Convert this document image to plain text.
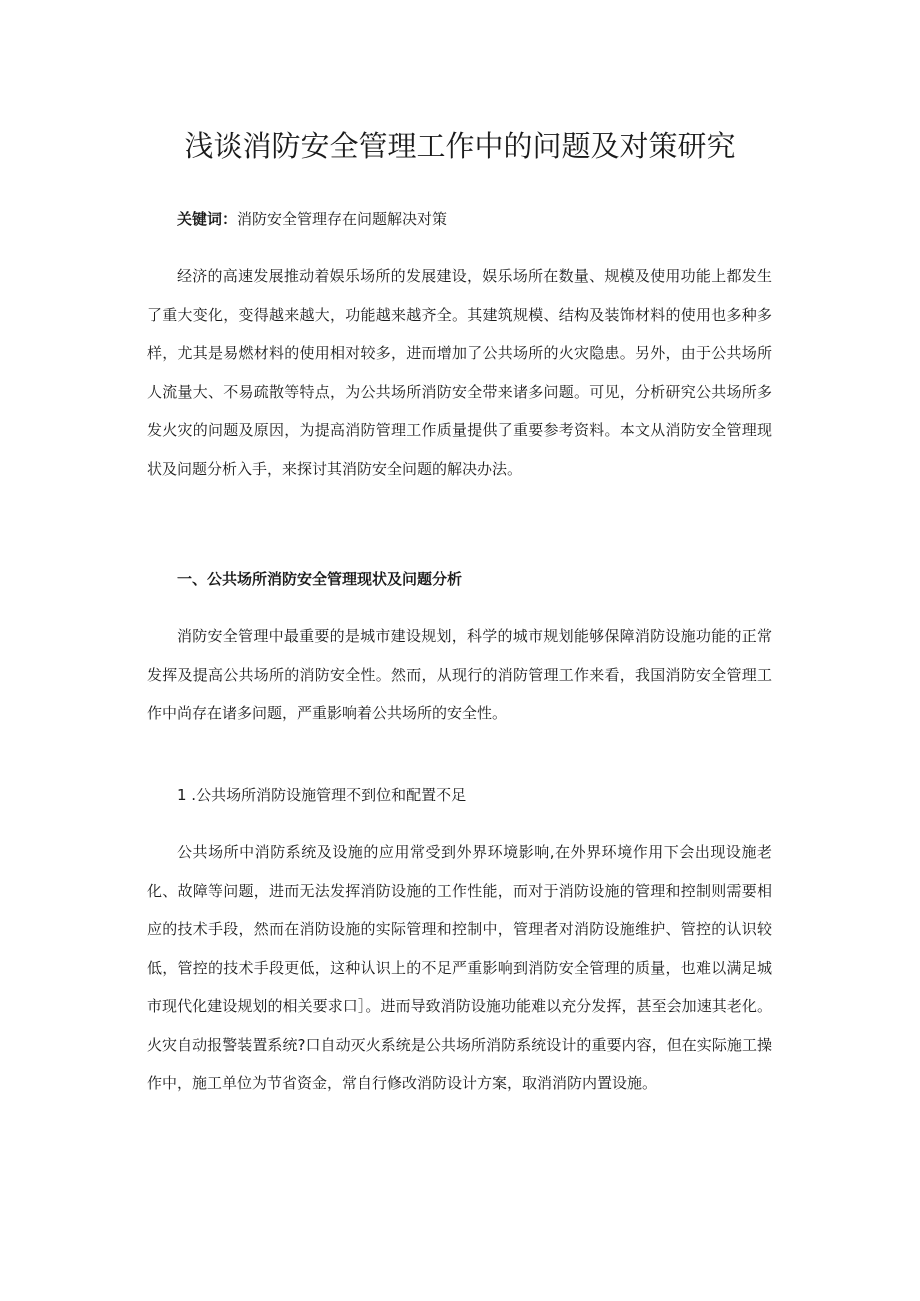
浅谈消防安全管理工作中的问题及对策研究
关键词：消防安全管理存在问题解决对策

经济的高速发展推动着娱乐场所的发展建设，娱乐场所在数量、规模及使用功能上都发生了重大变化，变得越来越大，功能越来越齐全。其建筑规模、结构及装饰材料的使用也多种多样，尤其是易燃材料的使用相对较多，进而增加了公共场所的火灾隐患。另外，由于公共场所人流量大、不易疏散等特点，为公共场所消防安全带来诸多问题。可见，分析研究公共场所多发火灾的问题及原因，为提高消防管理工作质量提供了重要参考资料。本文从消防安全管理现状及问题分析入手，来探讨其消防安全问题的解决办法。

一、公共场所消防安全管理现状及问题分析

消防安全管理中最重要的是城市建设规划，科学的城市规划能够保障消防设施功能的正常发挥及提高公共场所的消防安全性。然而，从现行的消防管理工作来看，我国消防安全管理工作中尚存在诸多问题，严重影响着公共场所的安全性。

1 .公共场所消防设施管理不到位和配置不足

公共场所中消防系统及设施的应用常受到外界环境影响,在外界环境作用下会出现设施老化、故障等问题，进而无法发挥消防设施的工作性能，而对于消防设施的管理和控制则需要相应的技术手段，然而在消防设施的实际管理和控制中，管理者对消防设施维护、管控的认识较低，管控的技术手段更低，这种认识上的不足严重影响到消防安全管理的质量，也难以满足城市现代化建设规划的相关要求口］。进而导致消防设施功能难以充分发挥，甚至会加速其老化。火灾自动报警装置系统?口自动灭火系统是公共场所消防系统设计的重要内容，但在实际施工操作中，施工单位为节省资金，常自行修改消防设计方案，取消消防内置设施。
